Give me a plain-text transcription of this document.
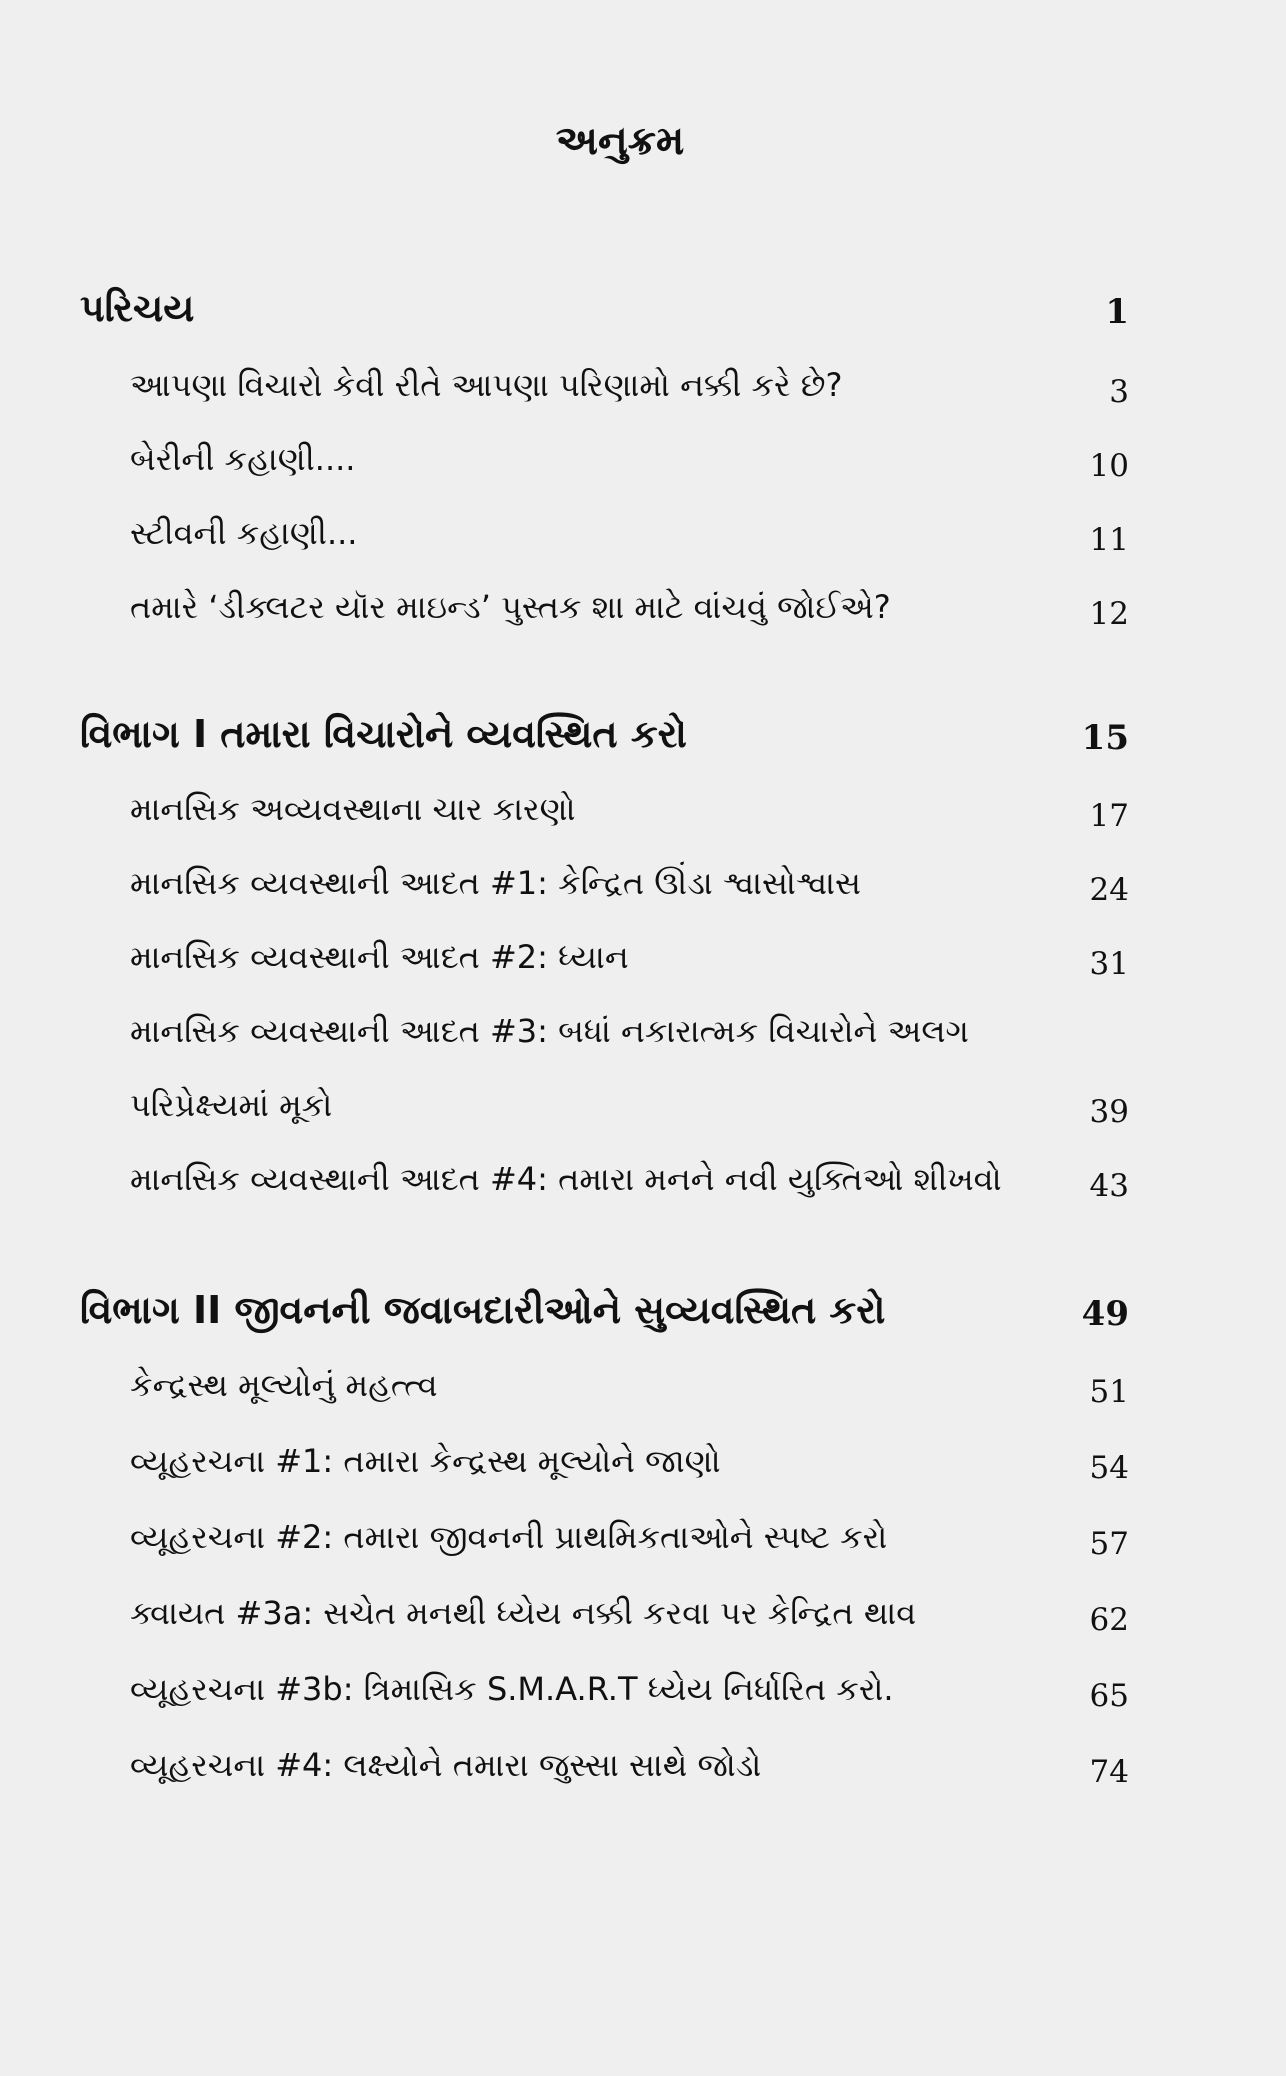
અનુક્રમ
પરિચય	1
આપણા વિચારો કેવી રીતે આપણા પરિણામો નક્કી કરે છે?	3
બેરીની કહાણી....	10
સ્ટીવની કહાણી...	11
તમારે ‘ડીક્લટર યૉર માઇન્ડ’ પુસ્તક શા માટે વાંચવું જોઈએ?	12
વિભાગ I તમારા વિચારોને વ્યવસ્થિત કરો	15
માનસિક અવ્યવસ્થાના ચાર કારણો	17
માનસિક વ્યવસ્થાની આદત #1: કેન્દ્રિત ઊંડા શ્વાસોશ્વાસ	24
માનસિક વ્યવસ્થાની આદત #2: ધ્યાન	31
માનસિક વ્યવસ્થાની આદત #3: બધાં નકારાત્મક વિચારોને અલગ
પરિપ્રેક્ષ્યમાં મૂકો	39
માનસિક વ્યવસ્થાની આદત #4: તમારા મનને નવી યુક્તિઓ શીખવો	43
વિભાગ II જીવનની જવાબદારીઓને સુવ્યવસ્થિત કરો	49
કેન્દ્રસ્થ મૂલ્યોનું મહત્ત્વ	51
વ્યૂહરચના #1: તમારા કેન્દ્રસ્થ મૂલ્યોને જાણો	54
વ્યૂહરચના #2: તમારા જીવનની પ્રાથમિકતાઓને સ્પષ્ટ કરો	57
ક્વાયત #3a: સચેત મનથી ધ્યેય નક્કી કરવા પર કેન્દ્રિત થાવ	62
વ્યૂહરચના #3b: ત્રિમાસિક S.M.A.R.T ધ્યેય નિર્ધારિત કરો.	65
વ્યૂહરચના #4: લક્ષ્યોને તમારા જુસ્સા સાથે જોડો	74
